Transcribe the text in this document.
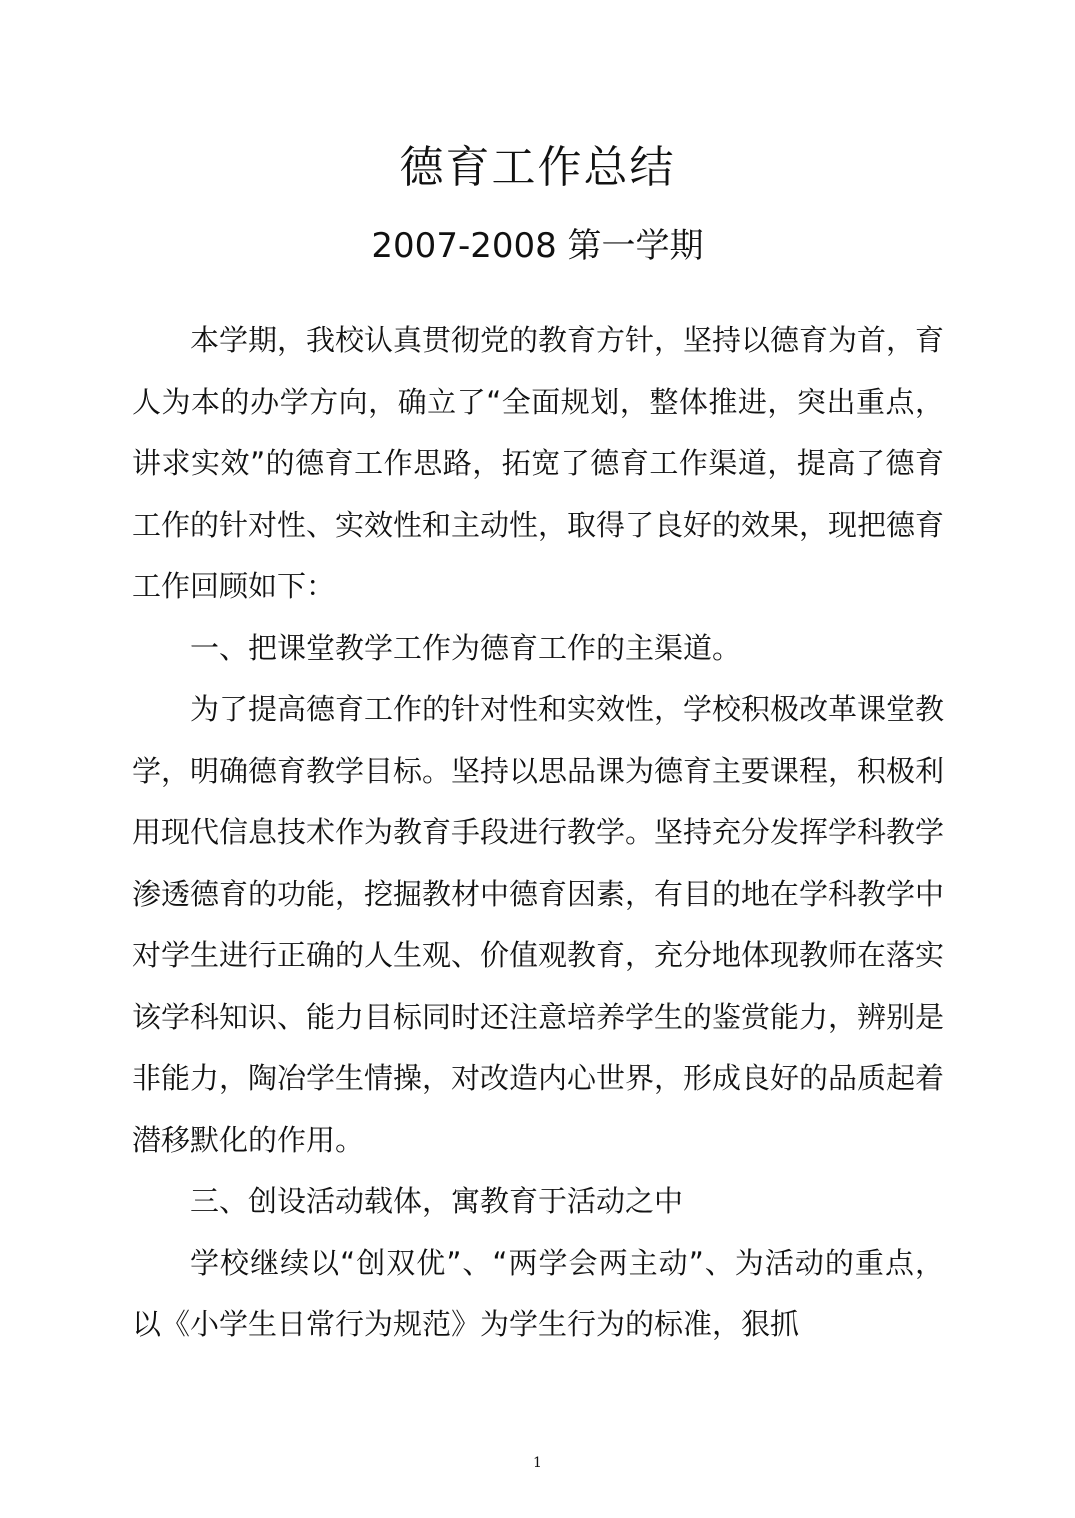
德育工作总结
2007-2008 第一学期

本学期，我校认真贯彻党的教育方针，坚持以德育为首，育人为本的办学方向，确立了“全面规划，整体推进，突出重点，讲求实效”的德育工作思路，拓宽了德育工作渠道，提高了德育工作的针对性、实效性和主动性，取得了良好的效果，现把德育工作回顾如下：

一、把课堂教学工作为德育工作的主渠道。

为了提高德育工作的针对性和实效性，学校积极改革课堂教学，明确德育教学目标。坚持以思品课为德育主要课程，积极利用现代信息技术作为教育手段进行教学。坚持充分发挥学科教学渗透德育的功能，挖掘教材中德育因素，有目的地在学科教学中对学生进行正确的人生观、价值观教育，充分地体现教师在落实该学科知识、能力目标同时还注意培养学生的鉴赏能力，辨别是非能力，陶冶学生情操，对改造内心世界，形成良好的品质起着潜移默化的作用。

三、创设活动载体，寓教育于活动之中

学校继续以“创双优”、“两学会两主动”、为活动的重点，以《小学生日常行为规范》为学生行为的标准，狠抓

1
